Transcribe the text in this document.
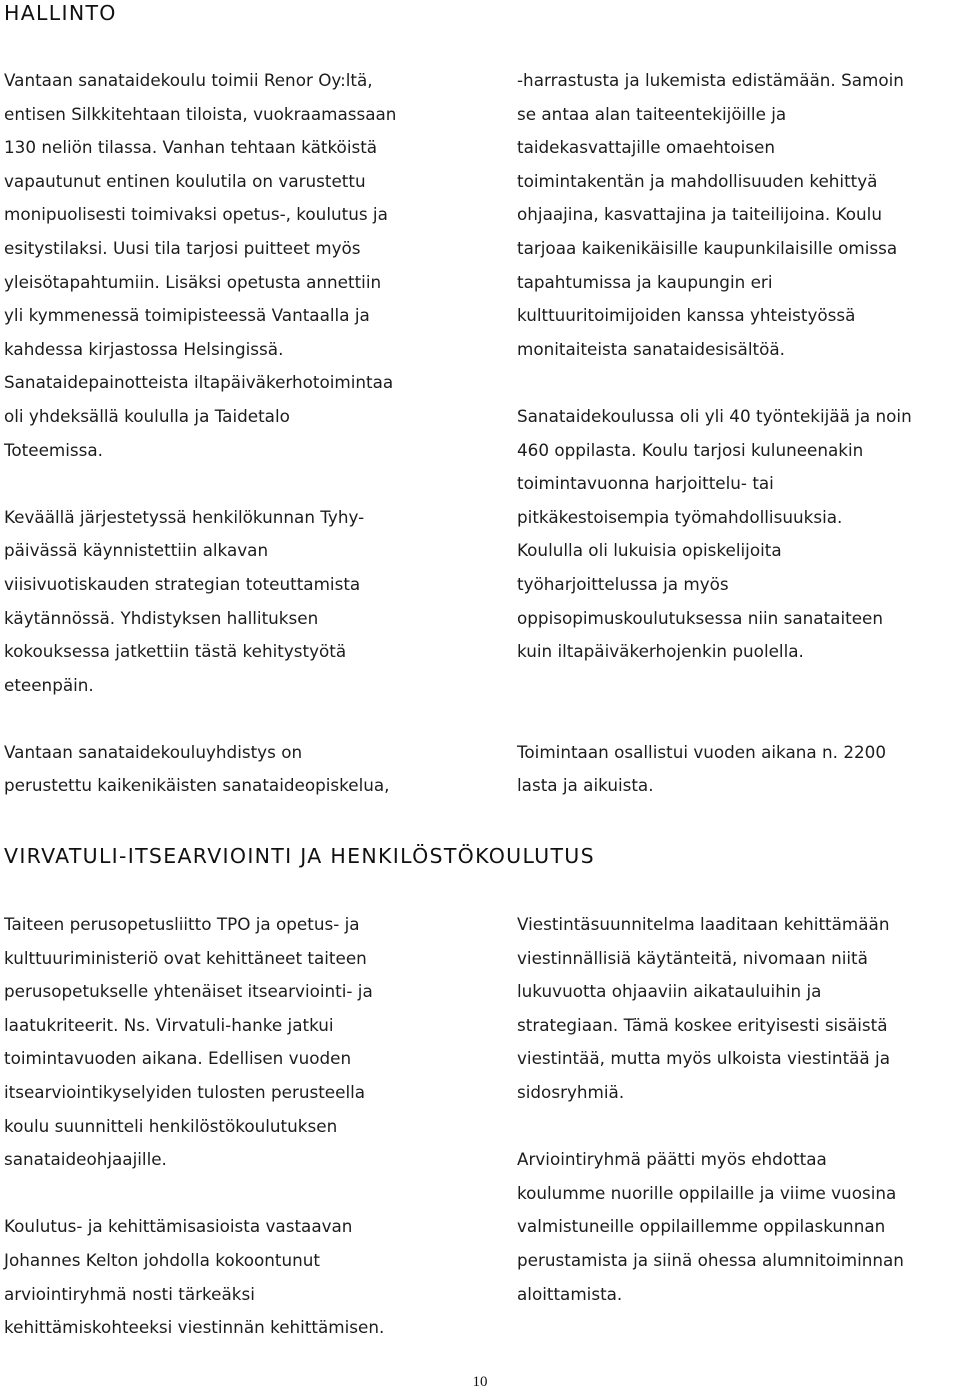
HALLINTO
Vantaan sanataidekoulu toimii Renor Oy:ltä,
entisen Silkkitehtaan tiloista, vuokraamassaan
130 neliön tilassa. Vanhan tehtaan kätköistä
vapautunut entinen koulutila on varustettu
monipuolisesti toimivaksi opetus-, koulutus ja
esitystilaksi. Uusi tila tarjosi puitteet myös
yleisötapahtumiin. Lisäksi opetusta annettiin
yli kymmenessä toimipisteessä Vantaalla ja
kahdessa kirjastossa Helsingissä.
Sanataidepainotteista iltapäiväkerhotoimintaa
oli yhdeksällä koululla ja Taidetalo
Toteemissa.
Keväällä järjestetyssä henkilökunnan Tyhy-
päivässä käynnistettiin alkavan
viisivuotiskauden strategian toteuttamista
käytännössä. Yhdistyksen hallituksen
kokouksessa jatkettiin tästä kehitystyötä
eteenpäin.
Vantaan sanataidekouluyhdistys on
perustettu kaikenikäisten sanataideopiskelua,
-harrastusta ja lukemista edistämään. Samoin
se antaa alan taiteentekijöille ja
taidekasvattajille omaehtoisen
toimintakentän ja mahdollisuuden kehittyä
ohjaajina, kasvattajina ja taiteilijoina. Koulu
tarjoaa kaikenikäisille kaupunkilaisille omissa
tapahtumissa ja kaupungin eri
kulttuuritoimijoiden kanssa yhteistyössä
monitaiteista sanataidesisältöä.
Sanataidekoulussa oli yli 40 työntekijää ja noin
460 oppilasta. Koulu tarjosi kuluneenakin
toimintavuonna harjoittelu- tai
pitkäkestoisempia työmahdollisuuksia.
Koululla oli lukuisia opiskelijoita
työharjoittelussa ja myös
oppisopimuskoulutuksessa niin sanataiteen
kuin iltapäiväkerhojenkin puolella.
Toimintaan osallistui vuoden aikana n. 2200
lasta ja aikuista.
VIRVATULI-ITSEARVIOINTI JA HENKILÖSTÖKOULUTUS
Taiteen perusopetusliitto TPO ja opetus- ja
kulttuuriministeriö ovat kehittäneet taiteen
perusopetukselle yhtenäiset itsearviointi- ja
laatukriteerit. Ns. Virvatuli-hanke jatkui
toimintavuoden aikana. Edellisen vuoden
itsearviointikyselyiden tulosten perusteella
koulu suunnitteli henkilöstökoulutuksen
sanataideohjaajille.
Koulutus- ja kehittämisasioista vastaavan
Johannes Kelton johdolla kokoontunut
arviointiryhmä nosti tärkeäksi
kehittämiskohteeksi viestinnän kehittämisen.
Viestintäsuunnitelma laaditaan kehittämään
viestinnällisiä käytänteitä, nivomaan niitä
lukuvuotta ohjaaviin aikatauluihin ja
strategiaan. Tämä koskee erityisesti sisäistä
viestintää, mutta myös ulkoista viestintää ja
sidosryhmiä.
Arviointiryhmä päätti myös ehdottaa
koulumme nuorille oppilaille ja viime vuosina
valmistuneille oppilaillemme oppilaskunnan
perustamista ja siinä ohessa alumnitoiminnan
aloittamista.
10
